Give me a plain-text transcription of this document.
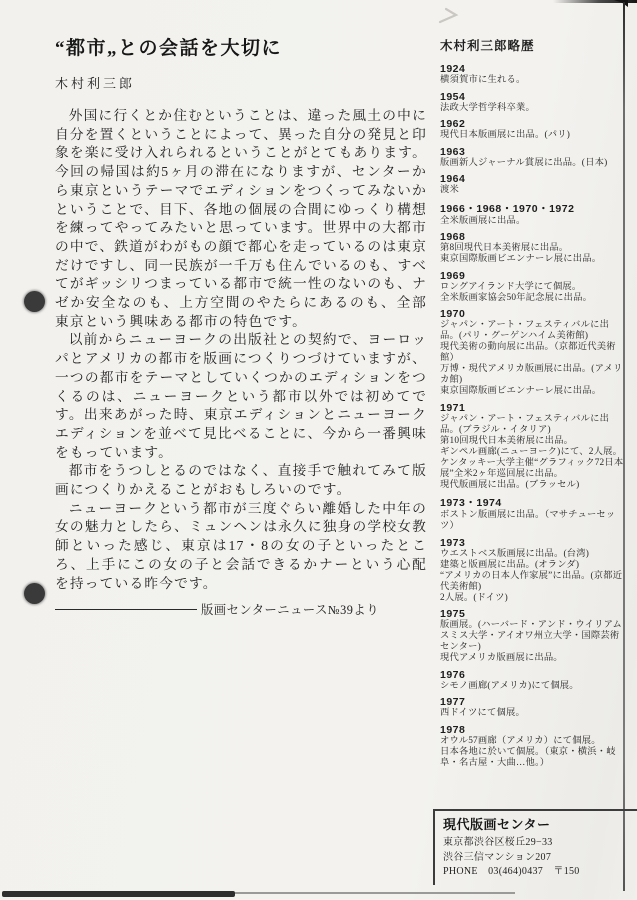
“都市„との会話を大切に
木村利三郎

外国に行くとか住むということは、違った風土の中に自分を置くということによって、異った自分の発見と印象を楽に受け入れられるということがとてもあります。今回の帰国は約5ヶ月の滞在になりますが、センターから東京というテーマでエディションをつくってみないかということで、目下、各地の個展の合間にゆっくり構想を練ってやってみたいと思っています。世界中の大都市の中で、鉄道がわがもの顔で都心を走っているのは東京だけですし、同一民族が一千万も住んでいるのも、すべてがギッシリつまっている都市で統一性のないのも、ナゼか安全なのも、上方空間のやたらにあるのも、全部東京という興味ある都市の特色です。

以前からニューヨークの出版社との契約で、ヨーロッパとアメリカの都市を版画につくりつづけていますが、一つの都市をテーマとしていくつかのエディションをつくるのは、ニューヨークという都市以外では初めてです。出来あがった時、東京エディションとニューヨークエディションを並べて見比べることに、今から一番興味をもっています。

都市をうつしとるのではなく、直接手で触れてみて版画につくりかえることがおもしろいのです。

ニューヨークという都市が三度ぐらい離婚した中年の女の魅力としたら、ミュンヘンは永久に独身の学校女教師といった感じ、東京は17・8の女の子といったところ、上手にこの女の子と会話できるかナーという心配を持っている昨今です。

版画センターニュース№39より
木村利三郎略歴
1924
横須賀市に生れる。
1954
法政大学哲学科卒業。
1962
現代日本版画展に出品。(パリ)
1963
版画新人ジャーナル賞展に出品。(日本)
1964
渡米
1966・1968・1970・1972
全米版画展に出品。
1968
第8回現代日本美術展に出品。
東京国際版画ビエンナーレ展に出品。
1969
ロングアイランド大学にて個展。
全米版画家協会50年記念展に出品。
1970
ジャパン・アート・フェスティバルに出品。(パリ・グーゲンハイム美術館)
現代美術の動向展に出品。（京都近代美術館）
万博・現代アメリカ版画展に出品。(アメリカ館)
東京国際版画ビエンナーレ展に出品。
1971
ジャパン・アート・フェスティバルに出品。(ブラジル・イタリア)
第10回現代日本美術展に出品。
ギンペル画廊(ニューヨーク)にて、2人展。
ケンタッキー大学主催“グラフィック72日本展”全米2ヶ年巡回展に出品。
現代版画展に出品。(ブラッセル)
1973・1974
ボストン版画展に出品。（マサチューセッツ）
1973
ウエストベス版画展に出品。(台湾)
建築と版画展に出品。(オランダ)
“アメリカの日本人作家展”に出品。(京都近代美術館)
2人展。(ドイツ)
1975
版画展。(ハーバード・アンド・ウイリアムスミス大学・アイオワ州立大学・国際芸術センター)
現代アメリカ版画展に出品。
1976
シモノ画廊(アメリカ)にて個展。
1977
西ドイツにて個展。
1978
オウル57画廊（アメリカ）にて個展。
日本各地に於いて個展。（東京・横浜・岐阜・名古屋・大曲…他。）
現代版画センター
東京都渋谷区桜丘29−33
渋谷三信マンション207
PHONE　03(464)0437　〒150
